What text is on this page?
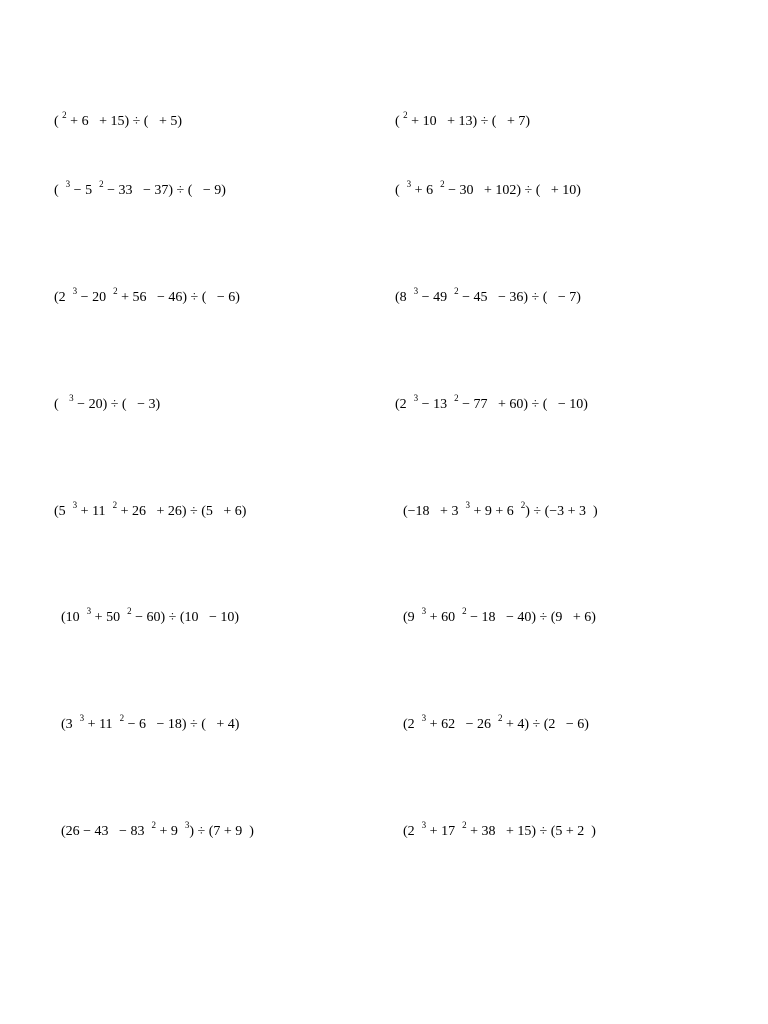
( $^2$ + 6   + 15) ÷ (   + 5)	( $^2$ + 10   + 13) ÷ (   + 7)
(  $^3$ − 5  $^2$ − 33   − 37) ÷ (   − 9)	(  $^3$ + 6  $^2$ − 30   + 102) ÷ (   + 10)
(2  $^3$ − 20  $^2$ + 56   − 46) ÷ (   − 6)	(8  $^3$ − 49  $^2$ − 45   − 36) ÷ (   − 7)
(   $^3$ − 20) ÷ (   − 3)	(2  $^3$ − 13  $^2$ − 77   + 60) ÷ (   − 10)
(5  $^3$ + 11  $^2$ + 26   + 26) ÷ (5   + 6)	(−18   + 3  $^3$ + 9 + 6  $^2$) ÷ (−3 + 3  )
(10  $^3$ + 50  $^2$ − 60) ÷ (10   − 10)	(9  $^3$ + 60  $^2$ − 18   − 40) ÷ (9   + 6)
(3  $^3$ + 11  $^2$ − 6   − 18) ÷ (   + 4)	(2  $^3$ + 62   − 26  $^2$ + 4) ÷ (2   − 6)
(26 − 43   − 83  $^2$ + 9  $^3$) ÷ (7 + 9  )	(2  $^3$ + 17  $^2$ + 38   + 15) ÷ (5 + 2  )
